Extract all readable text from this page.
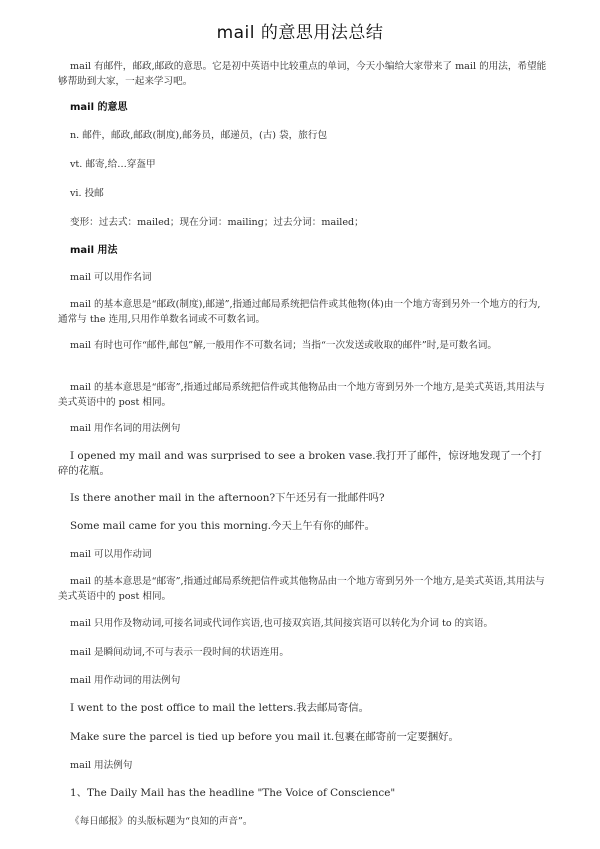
mail 的意思用法总结

mail 有邮件，邮政,邮政的意思。它是初中英语中比较重点的单词，今天小编给大家带来了 mail 的用法，希望能够帮助到大家，一起来学习吧。

mail 的意思

n. 邮件，邮政,邮政(制度),邮务员，邮递员，(古) 袋，旅行包

vt. 邮寄,给…穿盔甲

vi. 投邮

变形：过去式：mailed；现在分词：mailing；过去分词：mailed；

mail 用法

mail 可以用作名词

mail 的基本意思是“邮政(制度),邮递”,指通过邮局系统把信件或其他物(体)由一个地方寄到另外一个地方的行为,通常与 the 连用,只用作单数名词或不可数名词。

mail 有时也可作“邮件,邮包”解,一般用作不可数名词；当指“一次发送或收取的邮件”时,是可数名词。

mail 的基本意思是“邮寄”,指通过邮局系统把信件或其他物品由一个地方寄到另外一个地方,是美式英语,其用法与美式英语中的 post 相同。

mail 用作名词的用法例句

I opened my mail and was surprised to see a broken vase.我打开了邮件，惊讶地发现了一个打碎的花瓶。

Is there another mail in the afternoon?下午还另有一批邮件吗?

Some mail came for you this morning.今天上午有你的邮件。

mail 可以用作动词

mail 的基本意思是“邮寄”,指通过邮局系统把信件或其他物品由一个地方寄到另外一个地方,是美式英语,其用法与美式英语中的 post 相同。

mail 只用作及物动词,可接名词或代词作宾语,也可接双宾语,其间接宾语可以转化为介词 to 的宾语。

mail 是瞬间动词,不可与表示一段时间的状语连用。

mail 用作动词的用法例句

I went to the post office to mail the letters.我去邮局寄信。

Make sure the parcel is tied up before you mail it.包裹在邮寄前一定要捆好。

mail 用法例句

1、The Daily Mail has the headline "The Voice of Conscience"

《每日邮报》的头版标题为“良知的声音”。
